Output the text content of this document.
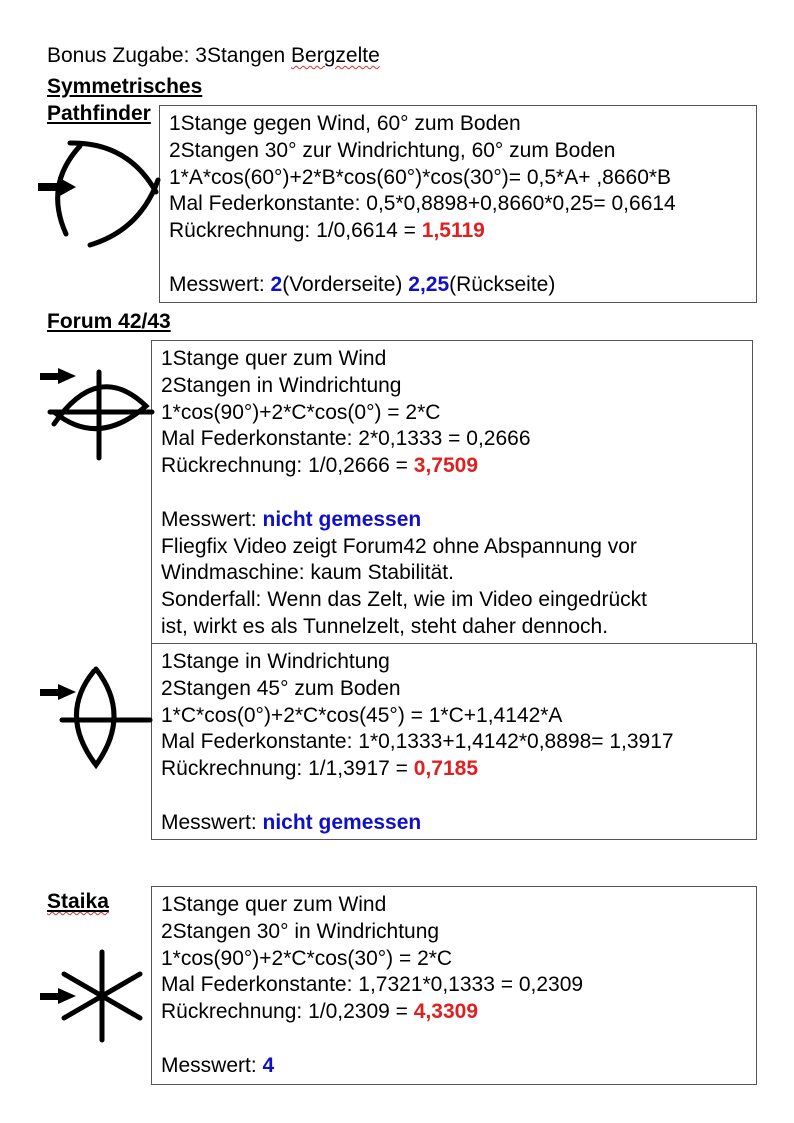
Bonus Zugabe: 3Stangen Bergzelte
Symmetrisches
1Stange gegen Wind, 60° zum Boden
2Stangen 30° zur Windrichtung, 60° zum Boden
1*A*cos(60°)+2*B*cos(60°)*cos(30°)= 0,5*A+ ,8660*B
Mal Federkonstante: 0,5*0,8898+0,8660*0,25= 0,6614
Rückrechnung: 1/0,6614 = 1,5119
Messwert: 2(Vorderseite) 2,25(Rückseite)
Pathfinder
Forum 42/43
1Stange quer zum Wind
2Stangen in Windrichtung
1*cos(90°)+2*C*cos(0°) = 2*C
Mal Federkonstante: 2*0,1333 = 0,2666
Rückrechnung: 1/0,2666 = 3,7509
Messwert: nicht gemessen
Fliegfix Video zeigt Forum42 ohne Abspannung vor
Windmaschine: kaum Stabilität.
Sonderfall: Wenn das Zelt, wie im Video eingedrückt
ist, wirkt es als Tunnelzelt, steht daher dennoch.
1Stange in Windrichtung
2Stangen 45° zum Boden
1*C*cos(0°)+2*C*cos(45°) = 1*C+1,4142*A
Mal Federkonstante: 1*0,1333+1,4142*0,8898= 1,3917
Rückrechnung: 1/1,3917 = 0,7185
Messwert: nicht gemessen
Staika 1Stange quer zum Wind
2Stangen 30° in Windrichtung
1*cos(90°)+2*C*cos(30°) = 2*C
Mal Federkonstante: 1,7321*0,1333 = 0,2309
Rückrechnung: 1/0,2309 = 4,3309
Messwert: 4
